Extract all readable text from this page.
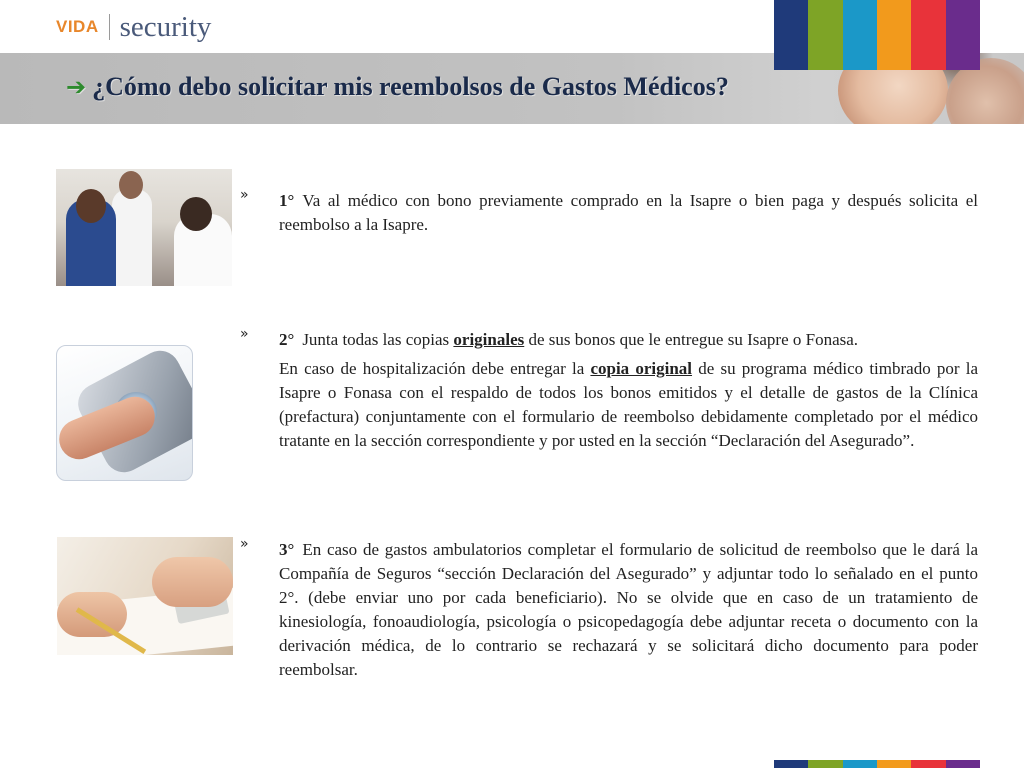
VIDA security
➔ ¿Cómo debo solicitar mis reembolsos de Gastos Médicos?
» 1° Va al médico con bono previamente comprado en la Isapre o bien paga y después solicita el reembolso a la Isapre.

» 2° Junta todas las copias originales de sus bonos que le entregue su Isapre o Fonasa.

En caso de hospitalización debe entregar la copia original de su programa médico timbrado por la Isapre o Fonasa con el respaldo de todos los bonos emitidos y el detalle de gastos de la Clínica (prefactura) conjuntamente con el formulario de reembolso debidamente completado por el médico tratante en la sección correspondiente y por usted en la sección “Declaración del Asegurado”.

» 3° En caso de gastos ambulatorios completar el formulario de solicitud de reembolso que le dará la Compañía de Seguros “sección Declaración del Asegurado” y adjuntar todo lo señalado en el punto 2°. (debe enviar uno por cada beneficiario). No se olvide que en caso de un tratamiento de kinesiología, fonoaudiología, psicología o psicopedagogía debe adjuntar receta o documento con la derivación médica, de lo contrario se rechazará y se solicitará dicho documento para poder reembolsar.
